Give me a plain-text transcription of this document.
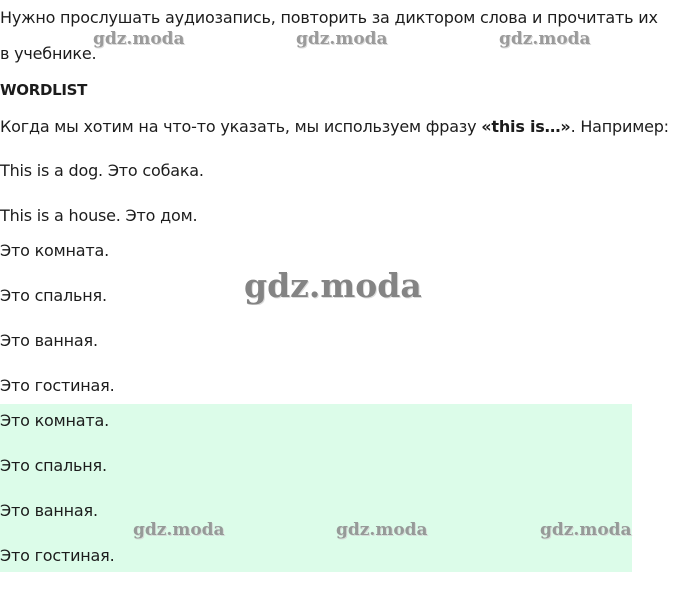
Нужно прослушать аудиозапись, повторить за диктором слова и прочитать их
в учебнике.
WORDLIST
Когда мы хотим на что-то указать, мы используем фразу «this is…». Например:
This is a dog. Это собака.
This is a house. Это дом.
Это комната.
Это спальня.
Это ванная.
Это гостиная.
Это комната.
Это спальня.
Это ванная.
Это гостиная.
gdz.moda	gdz.moda	gdz.moda
gdz.moda
gdz.moda	gdz.moda	gdz.moda
